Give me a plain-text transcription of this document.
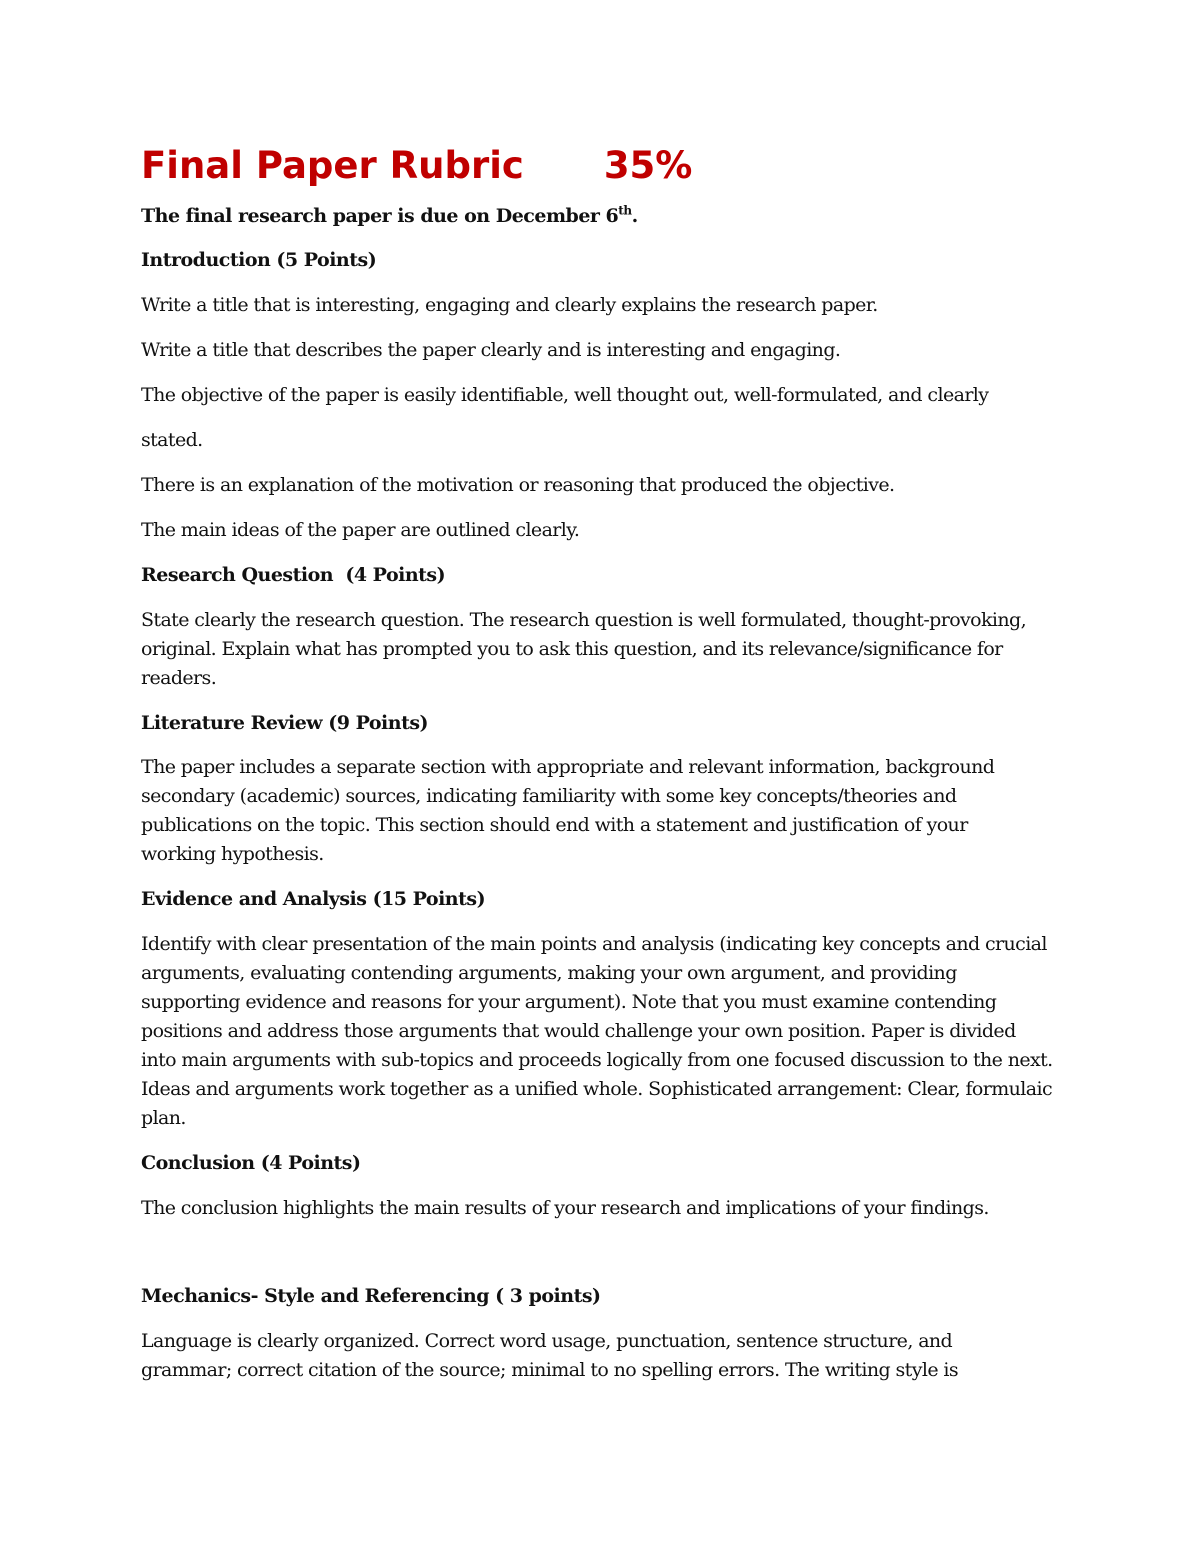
Final Paper Rubric 35%

The final research paper is due on December 6th.

Introduction (5 Points)

Write a title that is interesting, engaging and clearly explains the research paper.

Write a title that describes the paper clearly and is interesting and engaging.

The objective of the paper is easily identifiable, well thought out, well-formulated, and clearly stated.

There is an explanation of the motivation or reasoning that produced the objective.

The main ideas of the paper are outlined clearly.

Research Question  (4 Points)

State clearly the research question. The research question is well formulated, thought-provoking, original. Explain what has prompted you to ask this question, and its relevance/significance for readers.

Literature Review (9 Points)

The paper includes a separate section with appropriate and relevant information, background secondary (academic) sources, indicating familiarity with some key concepts/theories and publications on the topic. This section should end with a statement and justification of your working hypothesis.

Evidence and Analysis (15 Points)

Identify with clear presentation of the main points and analysis (indicating key concepts and crucial arguments, evaluating contending arguments, making your own argument, and providing supporting evidence and reasons for your argument). Note that you must examine contending positions and address those arguments that would challenge your own position. Paper is divided into main arguments with sub-topics and proceeds logically from one focused discussion to the next. Ideas and arguments work together as a unified whole. Sophisticated arrangement: Clear, formulaic plan.

Conclusion (4 Points)

The conclusion highlights the main results of your research and implications of your findings.

Mechanics- Style and Referencing ( 3 points)

Language is clearly organized. Correct word usage, punctuation, sentence structure, and grammar; correct citation of the source; minimal to no spelling errors. The writing style is
